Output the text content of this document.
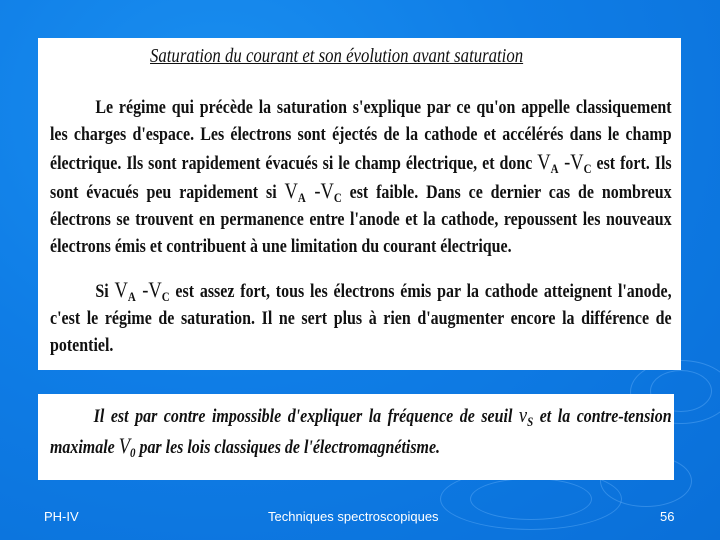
Saturation du courant et son évolution avant saturation

Le régime qui précède la saturation s'explique par ce qu'on appelle classiquement les charges d'espace. Les électrons sont éjectés de la cathode et accélérés dans le champ électrique. Ils sont rapidement évacués si le champ électrique, et donc $V_A$ $-V_C$ est fort. Ils sont évacués peu rapidement si $V_A$ $-V_C$ est faible. Dans ce dernier cas de nombreux électrons se trouvent en permanence entre l'anode et la cathode, repoussent les nouveaux électrons émis et contribuent à une limitation du courant électrique.

Si $V_A$ $-V_C$ est assez fort, tous les électrons émis par la cathode atteignent l'anode, c'est le régime de saturation. Il ne sert plus à rien d'augmenter encore la différence de potentiel.

Il est par contre impossible d'expliquer la fréquence de seuil $\nu_S$ et la contre-tension maximale $V_0$ par les lois classiques de l'électromagnétisme.

PH-IV	Techniques spectroscopiques	56
